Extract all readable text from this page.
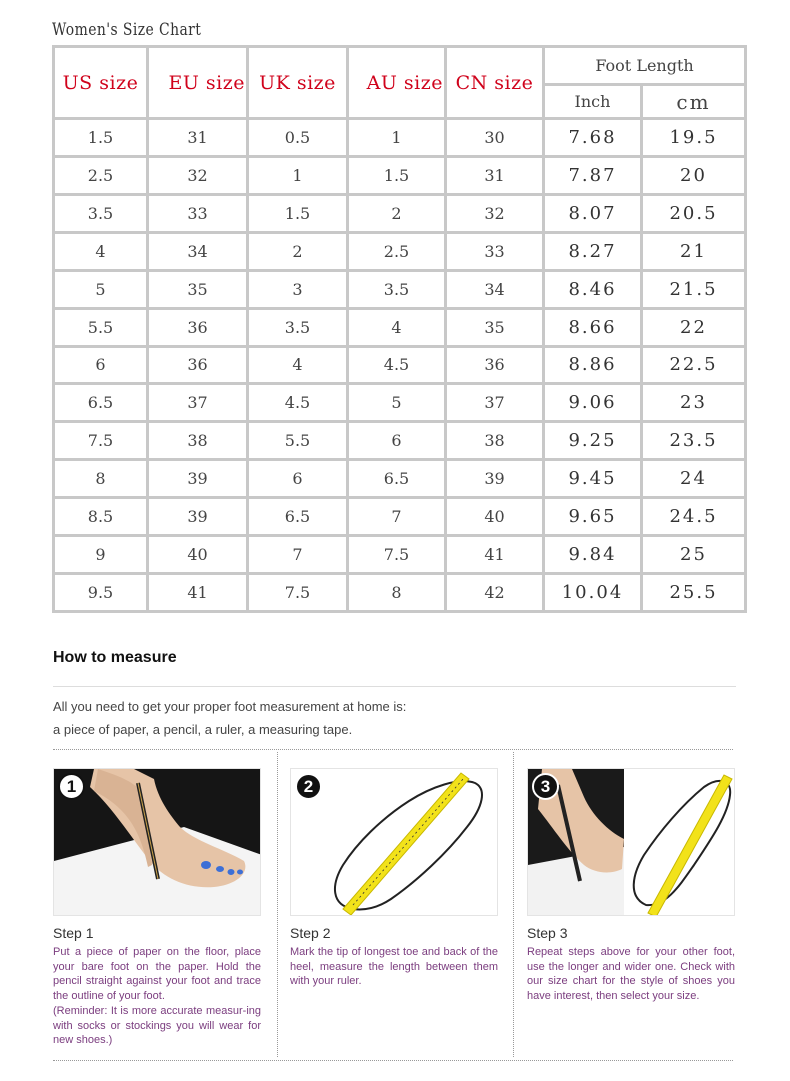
Women's Size Chart
US size	EU size	UK size	AU size	CN size	Foot Length	
					Inch	cm
1.5	31	0.5	1	30	7.68	19.5
2.5	32	1	1.5	31	7.87	20
3.5	33	1.5	2	32	8.07	20.5
4	34	2	2.5	33	8.27	21
5	35	3	3.5	34	8.46	21.5
5.5	36	3.5	4	35	8.66	22
6	36	4	4.5	36	8.86	22.5
6.5	37	4.5	5	37	9.06	23
7.5	38	5.5	6	38	9.25	23.5
8	39	6	6.5	39	9.45	24
8.5	39	6.5	7	40	9.65	24.5
9	40	7	7.5	41	9.84	25
9.5	41	7.5	8	42	10.04	25.5
How to measure
All you need to get your proper foot measurement at home is:
a piece of paper, a pencil, a ruler, a measuring tape.
1
Step 1
Put a piece of paper on the floor, place your bare foot on the paper. Hold the pencil straight against your foot and trace the outline of your foot.
(Reminder: It is more accurate measur-ing with socks or stockings you will wear for new shoes.)
2
Step 2
Mark the tip of longest toe and back of the heel, measure the length between them with your ruler.
3
Step 3
Repeat steps above for your other foot, use the longer and wider one. Check with our size chart for the style of shoes you have interest, then select your size.
